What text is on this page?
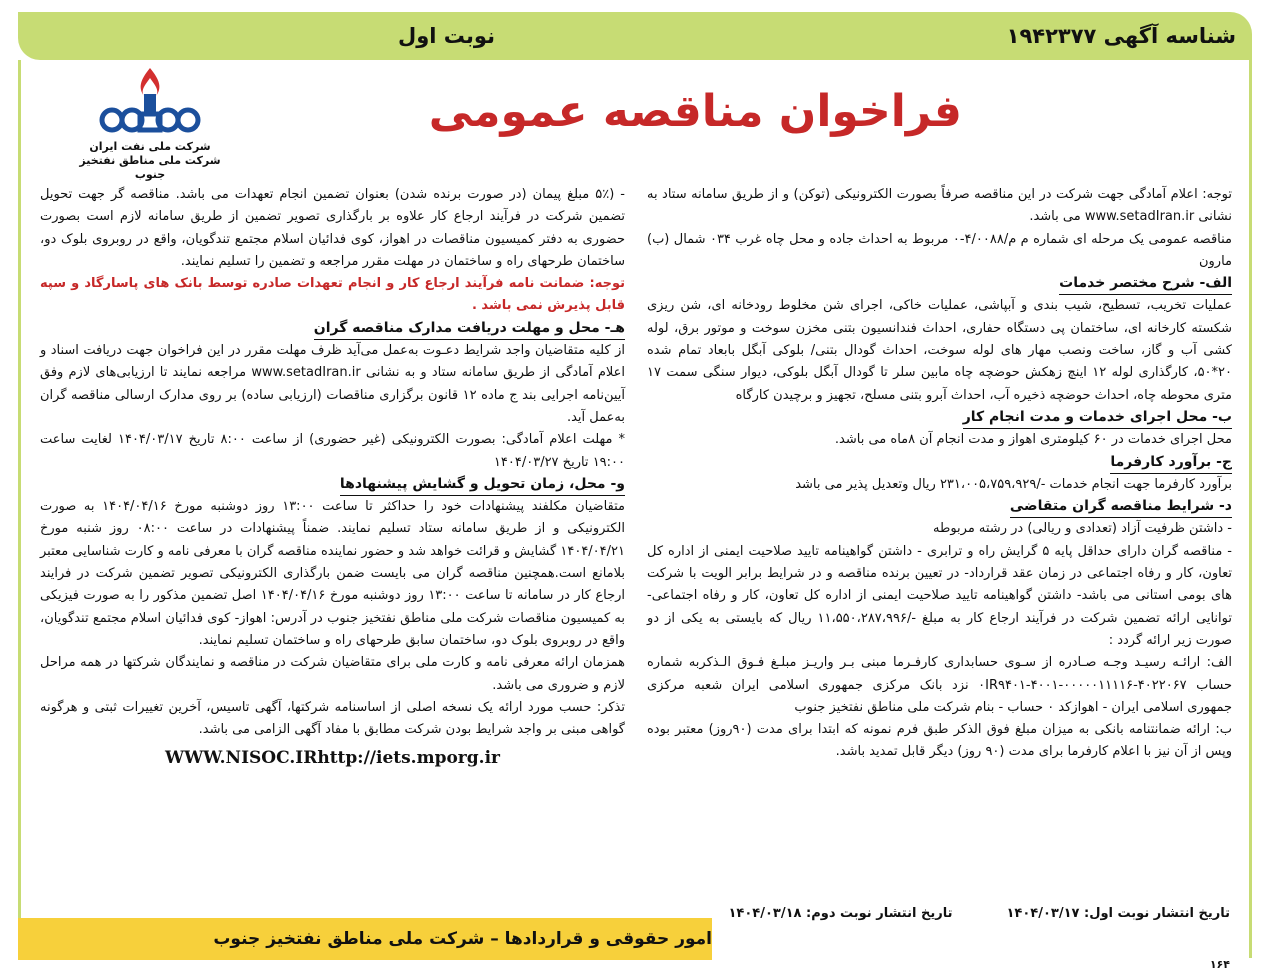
شناسه آگهی ۱۹۴۲۳۷۷
نوبت اول
فراخوان مناقصه عمومی
شرکت ملی نفت ایران
شرکت ملی مناطق نفتخیز جنوب

توجه: اعلام آمادگی جهت شرکت در این مناقصه صرفاً بصورت الکترونیکی (توکن) و از طریق سامانه ستاد به نشانی www.setadIran.ir می باشد.

مناقصه عمومی یک مرحله ای شماره م م/۴/۰۰۸۸-۰ مربوط به احداث جاده و محل چاه غرب ۰۳۴ شمال (ب) مارون

الف- شرح مختصر خدمات

عملیات تخریب، تسطیح، شیب بندی و آبپاشی، عملیات خاکی، اجرای شن مخلوط رودخانه ای، شن ریزی شکسته کارخانه ای، ساختمان پی دستگاه حفاری، احداث فندانسیون بتنی مخزن سوخت و موتور برق، لوله کشی آب و گاز، ساخت ونصب مهار های لوله سوخت، احداث گودال بتنی/ بلوکی آبگل بابعاد تمام شده ۲۰*۵۰، کارگذاری لوله ۱۲ اینچ زهکش حوضچه چاه مابین سلر تا گودال آبگل بلوکی، دیوار سنگی سمت ۱۷ متری محوطه چاه، احداث حوضچه ذخیره آب، احداث آبرو بتنی مسلح، تجهیز و برچیدن کارگاه

ب- محل اجرای خدمات و مدت انجام کار

محل اجرای خدمات در ۶۰ کیلومتری اهواز و مدت انجام آن ۸ماه می باشد.

ج- برآورد کارفرما

برآورد کارفرما جهت انجام خدمات -/۲۳۱،۰۰۵،۷۵۹،۹۲۹ ریال وتعدیل پذیر می باشد

د- شرایط مناقصه گران متقاضی

- داشتن ظرفیت آزاد (تعدادی و ریالی) در رشته مربوطه

- مناقصه گران دارای حداقل پایه ۵ گرایش راه و ترابری - داشتن گواهینامه تایید صلاحیت ایمنی از اداره کل تعاون، کار و رفاه اجتماعی در زمان عقد قرارداد- در تعیین برنده مناقصه و در شرایط برابر الویت با شرکت های بومی استانی می باشد- داشتن گواهینامه تایید صلاحیت ایمنی از اداره کل تعاون، کار و رفاه اجتماعی- توانایی ارائه تضمین شرکت در فرآیند ارجاع کار به مبلغ -/۱۱،۵۵۰،۲۸۷،۹۹۶ ریال که بایستی به یکی از دو صورت زیر ارائه گردد :

الف: ارائـه رسیـد وجـه صـادره از سـوی حسابداری کارفـرما مبنی بـر واریـز مبلـغ فـوق الـذکربه شماره حساب ۴۰۲۲۰۶۷-۰۰۰۰۰۱۱۱۱۶-۴۰۰۱-۰IR۹۴۰۱ نزد بانک مرکزی جمهوری اسلامی ایران شعبه مرکزی جمهوری اسلامی ایران - اهوازکد ۰ حساب - بنام شرکت ملی مناطق نفتخیز جنوب

ب: ارائه ضمانتنامه بانکی به میزان مبلغ فوق الذکر طبق فرم نمونه که ابتدا برای مدت (۹۰روز) معتبر بوده وپس از آن نیز با اعلام کارفرما برای مدت (۹۰ روز) دیگر قابل تمدید باشد.

- (۵٪ مبلغ پیمان (در صورت برنده شدن) بعنوان تضمین انجام تعهدات می باشد. مناقصه گر جهت تحویل تضمین شرکت در فرآیند ارجاع کار علاوه بر بارگذاری تصویر تضمین از طریق سامانه لازم است بصورت حضوری به دفتر کمیسیون مناقصات در اهواز، کوی فدائیان اسلام مجتمع تندگویان، واقع در روبروی بلوک دو، ساختمان طرحهای راه و ساختمان در مهلت مقرر مراجعه و تضمین را تسلیم نمایند.

توجه: ضمانت نامه فرآیند ارجاع کار و انجام تعهدات صادره توسط بانک های پاسارگاد و سپه قابل پذیرش نمی باشد .

هـ- محل و مهلت دریافت مدارک مناقصه گران

از کلیه متقاضیان واجد شرایط دعـوت به‌عمل می‌آید ظرف مهلت مقرر در این فراخوان جهت دریافت اسناد و اعلام آمادگی از طریق سامانه ستاد و به نشانی www.setadIran.ir مراجعه نمایند تا ارزیابی‌های لازم وفق آیین‌نامه اجرایی بند ج ماده ۱۲ قانون برگزاری مناقصات (ارزیابی ساده) بر روی مدارک ارسالی مناقصه گران به‌عمل آید.

* مهلت اعلام آمادگی: بصورت الکترونیکی (غیر حضوری) از ساعت ۸:۰۰ تاریخ ۱۴۰۴/۰۳/۱۷ لغایت ساعت ۱۹:۰۰ تاریخ ۱۴۰۴/۰۳/۲۷

و- محل، زمان تحویل و گشایش پیشنهادها

متقاضیان مکلفند پیشنهادات خود را حداکثر تا ساعت ۱۳:۰۰ روز دوشنبه مورخ ۱۴۰۴/۰۴/۱۶ به صورت الکترونیکی و از طریق سامانه ستاد تسلیم نمایند. ضمناً پیشنهادات در ساعت ۰۸:۰۰ روز شنبه مورخ ۱۴۰۴/۰۴/۲۱ گشایش و قرائت خواهد شد و حضور نماینده مناقصه گران با معرفی نامه و کارت شناسایی معتبر بلامانع است.همچنین مناقصه گران می بایست ضمن بارگذاری الکترونیکی تصویر تضمین شرکت در فرایند ارجاع کار در سامانه تا ساعت ۱۳:۰۰ روز دوشنبه مورخ ۱۴۰۴/۰۴/۱۶ اصل تضمین مذکور را به صورت فیزیکی به کمیسیون مناقصات شرکت ملی مناطق نفتخیز جنوب در آدرس: اهواز- کوی فدائیان اسلام مجتمع تندگویان، واقع در روبروی بلوک دو، ساختمان سابق طرحهای راه و ساختمان تسلیم نمایند.

همزمان ارائه معرفی نامه و کارت ملی برای متقاضیان شرکت در مناقصه و نمایندگان شرکتها در همه مراحل لازم و ضروری می باشد.

تذکر: حسب مورد ارائه یک نسخه اصلی از اساسنامه شرکتها، آگهی تاسیس، آخرین تغییرات ثبتی و هرگونه گواهی مبنی بر واجد شرایط بودن شرکت مطابق با مفاد آگهی الزامی می باشد.

WWW.NISOC.IRhttp://iets.mporg.ir
تاریخ انتشار نوبت اول: ۱۴۰۴/۰۳/۱۷
تاریخ انتشار نوبت دوم: ۱۴۰۴/۰۳/۱۸
امور حقوقی و قراردادها – شرکت ملی مناطق نفتخیز جنوب
۱۶۴
